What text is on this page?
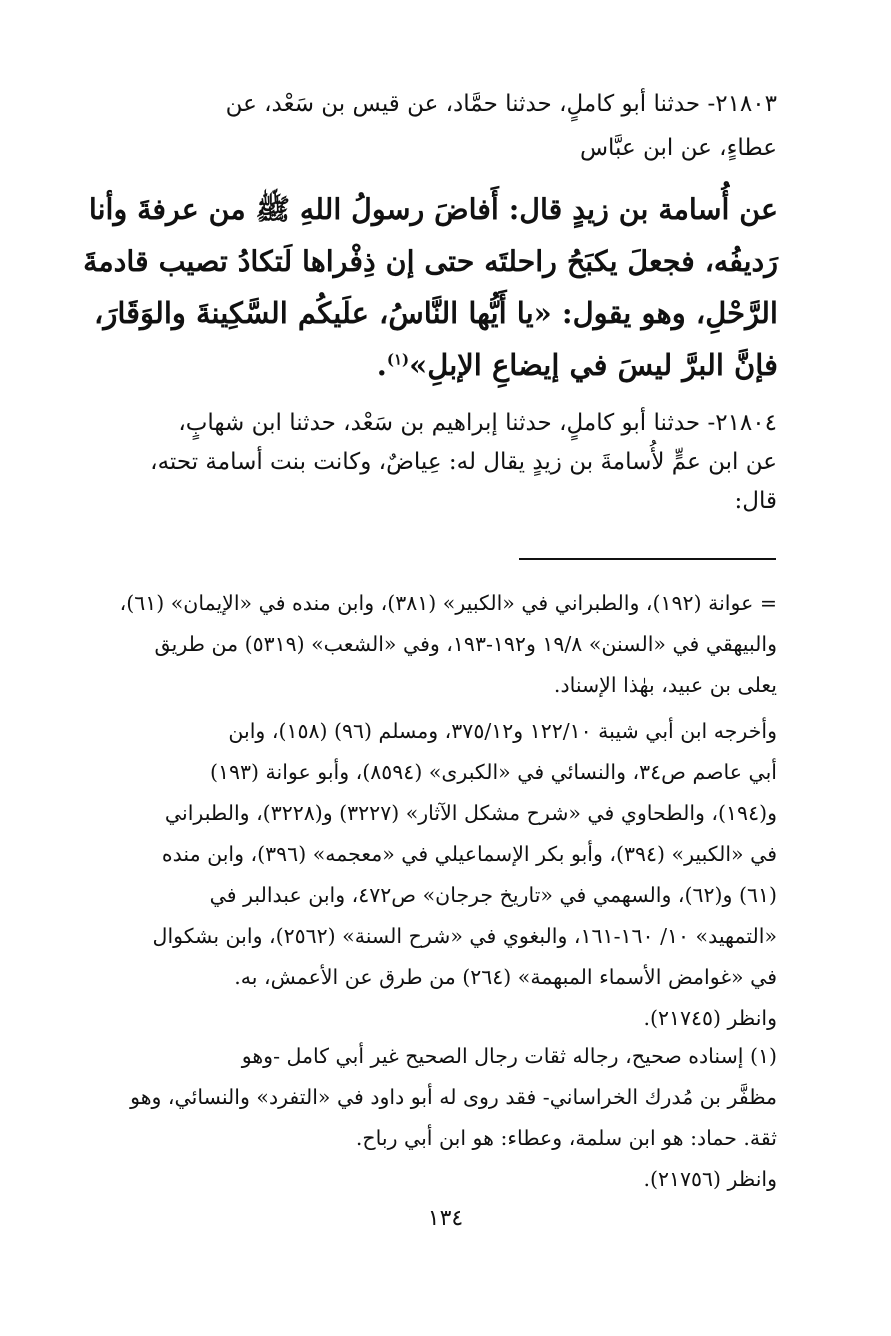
٢١٨٠٣- حدثنا أبو كاملٍ، حدثنا حمَّاد، عن قيس بن سَعْد، عن
عطاءٍ، عن ابن عبَّاس
عن أُسامة بن زيدٍ قال: أَفاضَ رسولُ اللهِ ﷺ من عرفةَ وأنا
رَديفُه، فجعلَ يكبَحُ راحلتَه حتى إن ذِفْراها لَتكادُ تصيب قادمةَ
الرَّحْلِ، وهو يقول: «يا أَيُّها النَّاسُ، علَيكُم السَّكِينةَ والوَقَارَ،
فإنَّ البرَّ ليسَ في إيضاعِ الإبلِ»$^{(١)}$.
٢١٨٠٤- حدثنا أبو كاملٍ، حدثنا إبراهيم بن سَعْد، حدثنا ابن شهابٍ،
عن ابن عمٍّ لأُسامةَ بن زيدٍ يقال له: عِياضٌ، وكانت بنت أسامة تحته،
قال:
= عوانة (١٩٢)، والطبراني في «الكبير» (٣٨١)، وابن منده في «الإيمان» (٦١)،
والبيهقي في «السنن» ١٩/٨ و١٩٢-١٩٣، وفي «الشعب» (٥٣١٩) من طريق
يعلى بن عبيد، بهٰذا الإسناد.
وأخرجه ابن أبي شيبة ١٢٢/١٠ و٣٧٥/١٢، ومسلم (٩٦) (١٥٨)، وابن
أبي عاصم ص٣٤، والنسائي في «الكبرى» (٨٥٩٤)، وأبو عوانة (١٩٣)
و(١٩٤)، والطحاوي في «شرح مشكل الآثار» (٣٢٢٧) و(٣٢٢٨)، والطبراني
في «الكبير» (٣٩٤)، وأبو بكر الإسماعيلي في «معجمه» (٣٩٦)، وابن منده
(٦١) و(٦٢)، والسهمي في «تاريخ جرجان» ص٤٧٢، وابن عبدالبر في
«التمهيد» ١٠/ ١٦٠-١٦١، والبغوي في «شرح السنة» (٢٥٦٢)، وابن بشكوال
في «غوامض الأسماء المبهمة» (٢٦٤) من طرق عن الأعمش، به.
وانظر (٢١٧٤٥).
(١) إسناده صحيح، رجاله ثقات رجال الصحيح غير أبي كامل -وهو
مظفَّر بن مُدرك الخراساني- فقد روى له أبو داود في «التفرد» والنسائي، وهو
ثقة. حماد: هو ابن سلمة، وعطاء: هو ابن أبي رباح.
وانظر (٢١٧٥٦).
١٣٤
